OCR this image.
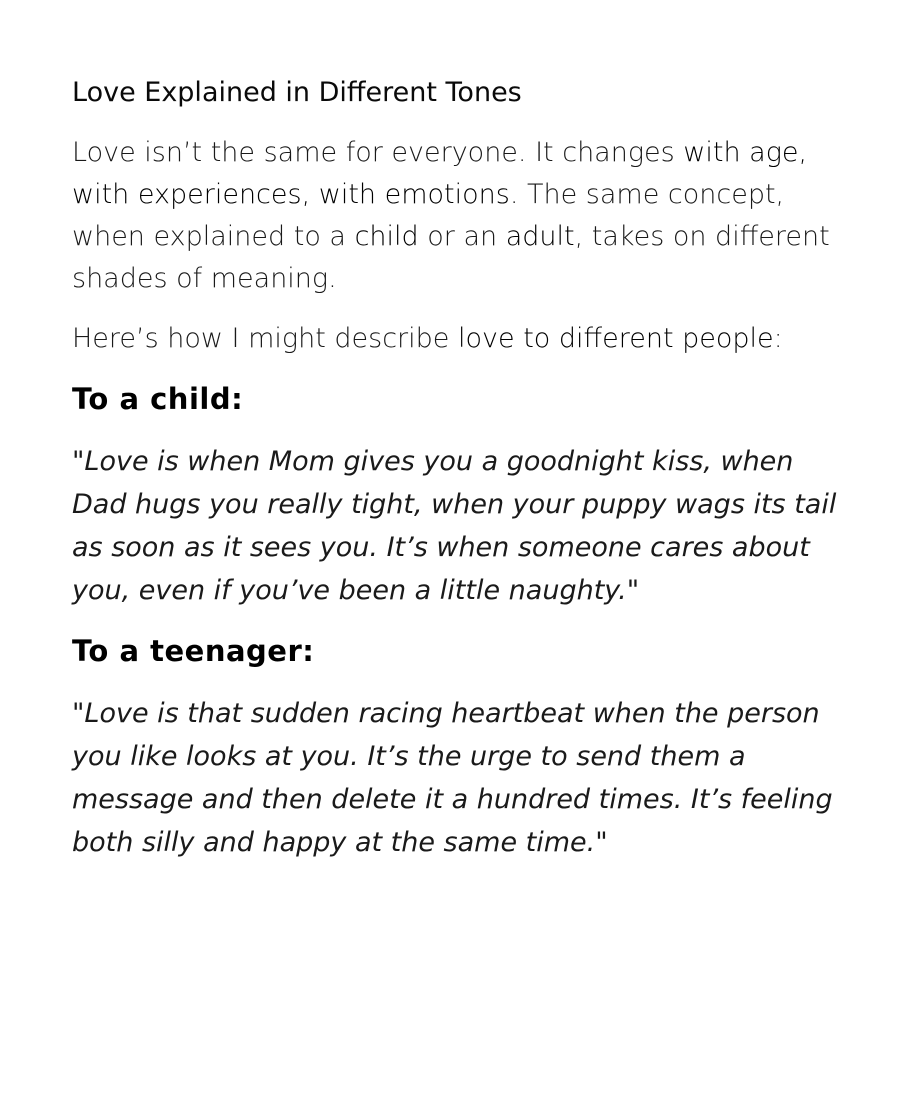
Love Explained in Different Tones

Love isn’t the same for everyone. It changes with age, with experiences, with emotions. The same concept, when explained to a child or an adult, takes on different shades of meaning.

Here’s how I might describe love to different people:

To a child:

"Love is when Mom gives you a goodnight kiss, when Dad hugs you really tight, when your puppy wags its tail as soon as it sees you. It’s when someone cares about you, even if you’ve been a little naughty."

To a teenager:

"Love is that sudden racing heartbeat when the person you like looks at you. It’s the urge to send them a message and then delete it a hundred times. It’s feeling both silly and happy at the same time."
